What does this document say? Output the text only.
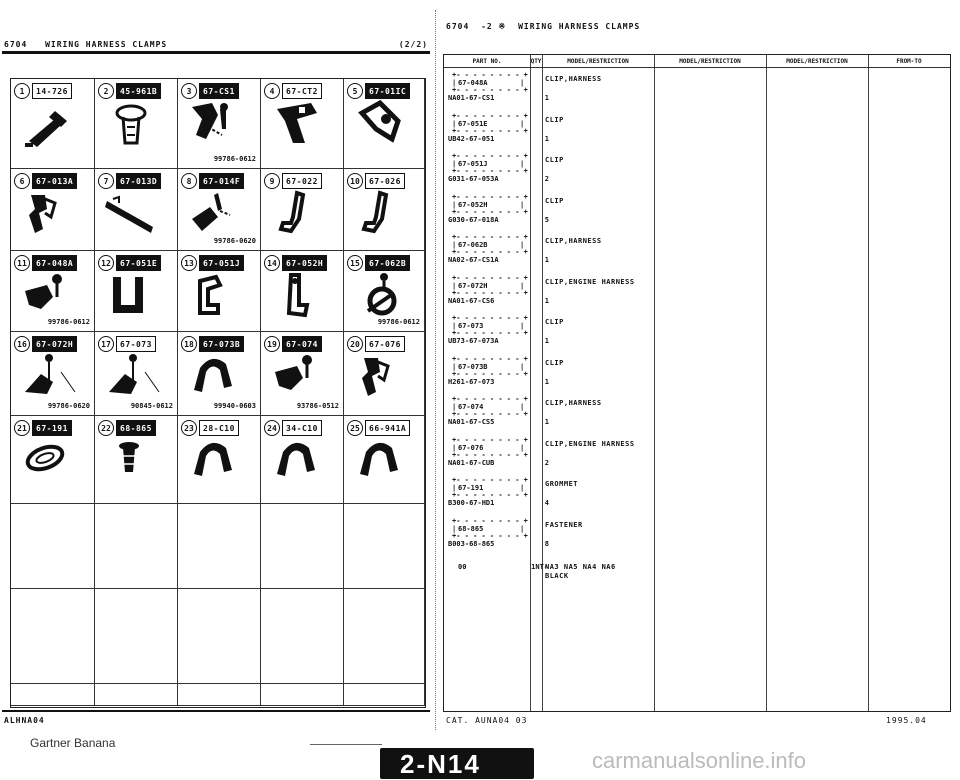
6704 WIRING HARNESS CLAMPS	(2/2)
6704 -2 ※ WIRING HARNESS CLAMPS
1	14-726	2	45-961B	3	67-CS1
99786-0612
4	67-CT2	5	67-01IC
6	67-013A	7	67-013D	8	67-014F
99786-0620
9	67-022	10	67-026
11	67-048A
99786-0612
12	67-051E	13	67-051J	14	67-052H	15	67-062B
99786-0612
16	67-072H
99786-0620
17	67-073
90845-0612
18	67-073B
99940-0603
19	67-074
93786-0512
20	67-076
21	67-191	22	68-865	23	28-C10	24	34-C10	25	66-941A
PART NO.	QTY	MODEL/RESTRICTION	MODEL/RESTRICTION	MODEL/RESTRICTION	FROM-TO
+- - - - - - - - +
67-048A
|	|
+- - - - - - - - +
NA01-67-CS1	1
CLIP,HARNESS
+- - - - - - - - +
67-051E
|	|
+- - - - - - - - +
UB42-67-051	1
CLIP
+- - - - - - - - +
67-051J
|	|
+- - - - - - - - +
G031-67-053A	2
CLIP
+- - - - - - - - +
67-052H
|	|
+- - - - - - - - +
G030-67-018A	5
CLIP
+- - - - - - - - +
67-062B
|	|
+- - - - - - - - +
NA02-67-CS1A	1
CLIP,HARNESS
+- - - - - - - - +
67-072H
|	|
+- - - - - - - - +
NA01-67-CS6	1
CLIP,ENGINE HARNESS
+- - - - - - - - +
67-073
|	|
+- - - - - - - - +
UB73-67-073A	1
CLIP
+- - - - - - - - +
67-073B
|	|
+- - - - - - - - +
H261-67-073	1
CLIP
+- - - - - - - - +
67-074
|	|
+- - - - - - - - +
NA01-67-CS5	1
CLIP,HARNESS
+- - - - - - - - +
67-076
|	|
+- - - - - - - - +
NA01-67-CUB	2
CLIP,ENGINE HARNESS
+- - - - - - - - +
67-191
|	|
+- - - - - - - - +
B300-67-HD1	4
GROMMET
+- - - - - - - - +
68-865
|	|
+- - - - - - - - +
B003-68-865	8
FASTENER
00	1NT-
NA3 NA5 NA4 NA6
BLACK
ALHNA04	CAT. AUNA04 03	1995.04
Gartner Banana
2-N14	carmanualsonline.info
